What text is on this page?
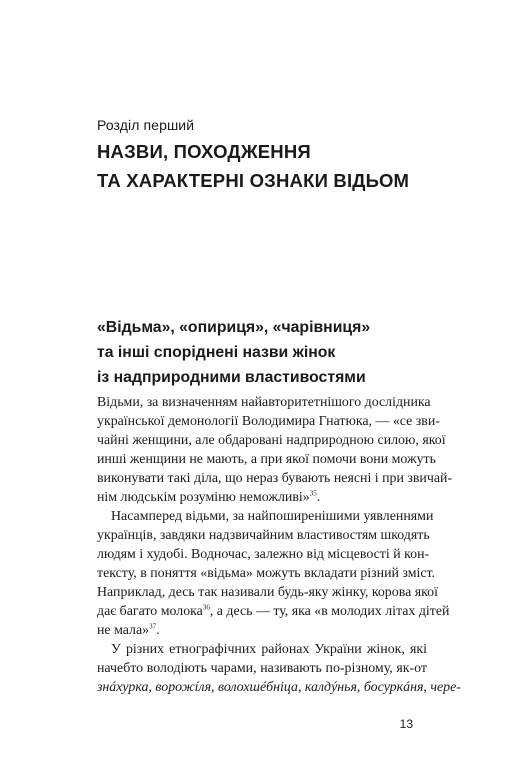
Розділ перший
НАЗВИ, ПОХОДЖЕННЯ
ТА ХАРАКТЕРНІ ОЗНАКИ ВІДЬОМ
«Відьма», «опириця», «чарівниця»
та інші споріднені назви жінок
із надприродними властивостями
Відьми, за визначенням найавторитетнішого дослідника
української демонології Володимира Гнатюка, — «се зви-
чайні женщини, але обдаровані надприродною силою, якої
инші женщини не мають, а при якої помочи вони можуть
виконувати такі діла, що нераз бувають неясні і при звичай-
нім людськім розуміню неможливі»$^{35}$.
Насамперед відьми, за найпоширенішими уявленнями
українців, завдяки надзвичайним властивостям шкодять
людям і худобі. Водночас, залежно від місцевості й кон-
тексту, в поняття «відьма» можуть вкладати різний зміст.
Наприклад, десь так називали будь-яку жінку, корова якої
дає багато молока$^{36}$, а десь — ту, яка «в молодих літах дітей
не мала»$^{37}$.
У різних етнографічних районах України жінок, які
начебто володіють чарами, називають по-різному, як-от
знáхурка, ворожíля, волохшéбніца, калдýнья, босуркáня, чере-
13
